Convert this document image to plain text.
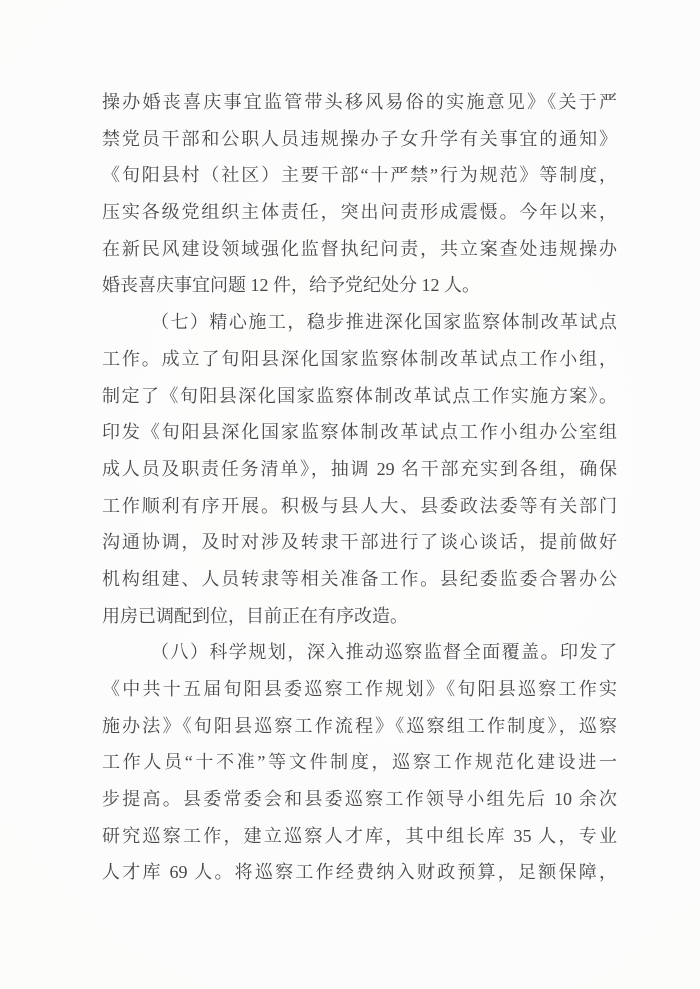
操办婚丧喜庆事宜监管带头移风易俗的实施意见》《关于严
禁党员干部和公职人员违规操办子女升学有关事宜的通知》
《旬阳县村（社区）主要干部“十严禁”行为规范》等制度，
压实各级党组织主体责任，突出问责形成震慑。今年以来，
在新民风建设领域强化监督执纪问责，共立案查处违规操办
婚丧喜庆事宜问题 12 件，给予党纪处分 12 人。
（七）精心施工，稳步推进深化国家监察体制改革试点
工作。成立了旬阳县深化国家监察体制改革试点工作小组，
制定了《旬阳县深化国家监察体制改革试点工作实施方案》。
印发《旬阳县深化国家监察体制改革试点工作小组办公室组
成人员及职责任务清单》，抽调 29 名干部充实到各组，确保
工作顺利有序开展。积极与县人大、县委政法委等有关部门
沟通协调，及时对涉及转隶干部进行了谈心谈话，提前做好
机构组建、人员转隶等相关准备工作。县纪委监委合署办公
用房已调配到位，目前正在有序改造。
（八）科学规划，深入推动巡察监督全面覆盖。印发了
《中共十五届旬阳县委巡察工作规划》《旬阳县巡察工作实
施办法》《旬阳县巡察工作流程》《巡察组工作制度》，巡察
工作人员“十不准”等文件制度，巡察工作规范化建设进一
步提高。县委常委会和县委巡察工作领导小组先后 10 余次
研究巡察工作，建立巡察人才库，其中组长库 35 人，专业
人才库 69 人。将巡察工作经费纳入财政预算，足额保障，
